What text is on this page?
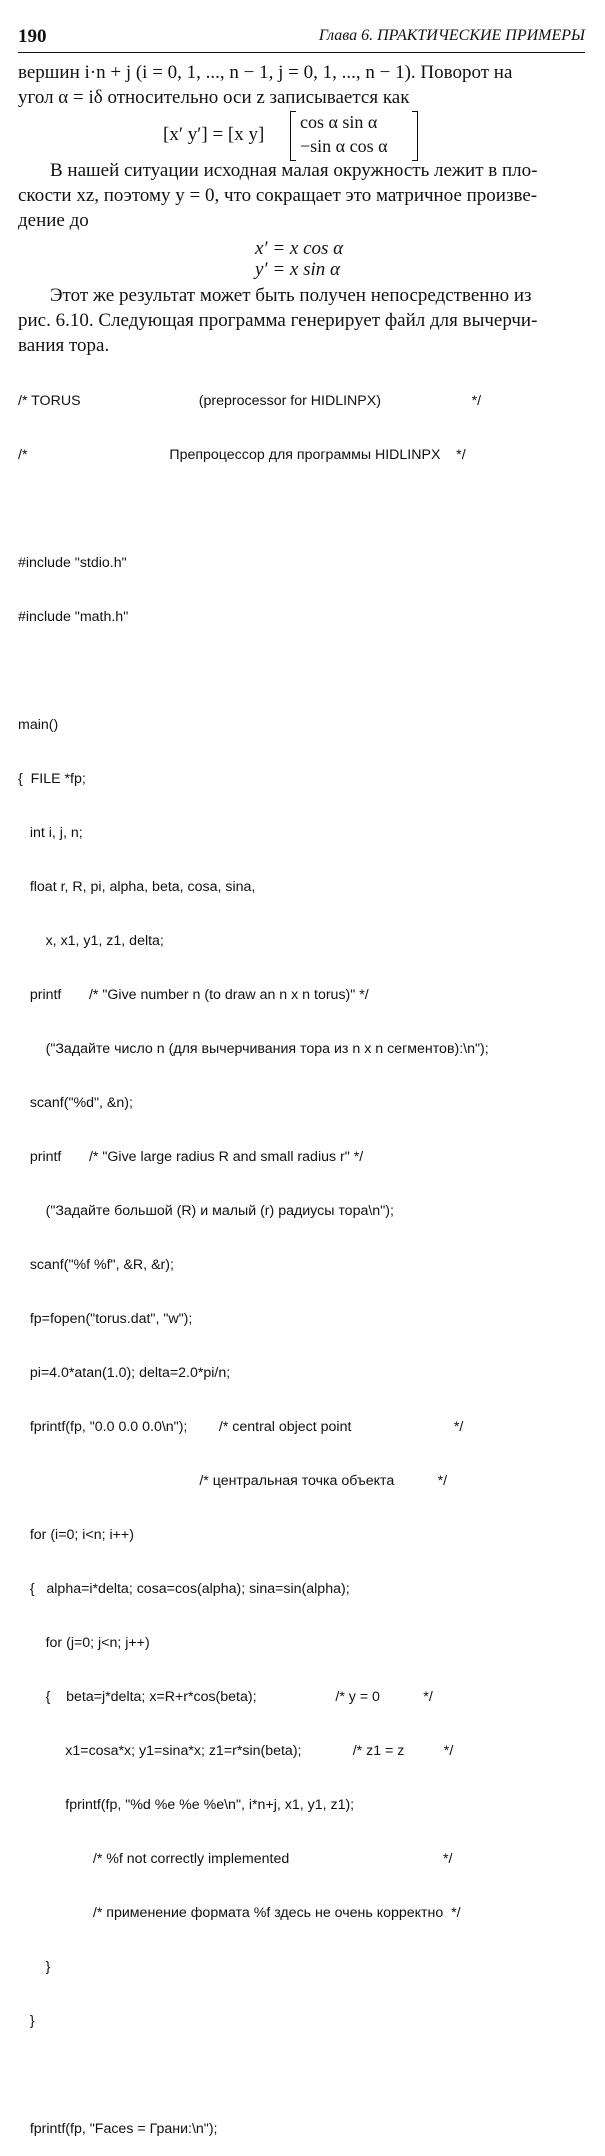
190	Глава 6. ПРАКТИЧЕСКИЕ ПРИМЕРЫ
вершин i·n + j (i = 0, 1, ..., n − 1, j = 0, 1, ..., n − 1). Поворот на
угол α = iδ относительно оси z записывается как
[x′ y′] = [x y]
cos α sin α
−sin α cos α
В нашей ситуации исходная малая окружность лежит в пло-
скости xz, поэтому y = 0, что сокращает это матричное произве-
дение до
x′ = x cos α
y′ = x sin α
Этот же результат может быть получен непосредственно из
рис. 6.10. Следующая программа генерирует файл для вычерчи-
вания тора.

/* TORUS                              (preprocessor for HIDLINPX)                       */

/*                                    Препроцессор для программы HIDLINPX    */

#include "stdio.h"

#include "math.h"

main()

{  FILE *fp;

int i, j, n;

float r, R, pi, alpha, beta, cosa, sina,

x, x1, y1, z1, delta;

printf       /* "Give number n (to draw an n x n torus)" */

("Задайте число n (для вычерчивания тора из n x n сегментов):\n");

scanf("%d", &n);

printf       /* "Give large radius R and small radius r" */

("Задайте большой (R) и малый (r) радиусы тора\n");

scanf("%f %f", &R, &r);

fp=fopen("torus.dat", "w");

pi=4.0*atan(1.0); delta=2.0*pi/n;

fprintf(fp, "0.0 0.0 0.0\n");        /* central object point                          */

/* центральная точка объекта           */

for (i=0; i<n; i++)

{   alpha=i*delta; cosa=cos(alpha); sina=sin(alpha);

for (j=0; j<n; j++)

{    beta=j*delta; x=R+r*cos(beta);                    /* y = 0           */

x1=cosa*x; y1=sina*x; z1=r*sin(beta);             /* z1 = z          */

fprintf(fp, "%d %e %e %e\n", i*n+j, x1, y1, z1);

/* %f not correctly implemented                                       */

/* применение формата %f здесь не очень корректно  */

}

}

fprintf(fp, "Faces = Грани:\n");
